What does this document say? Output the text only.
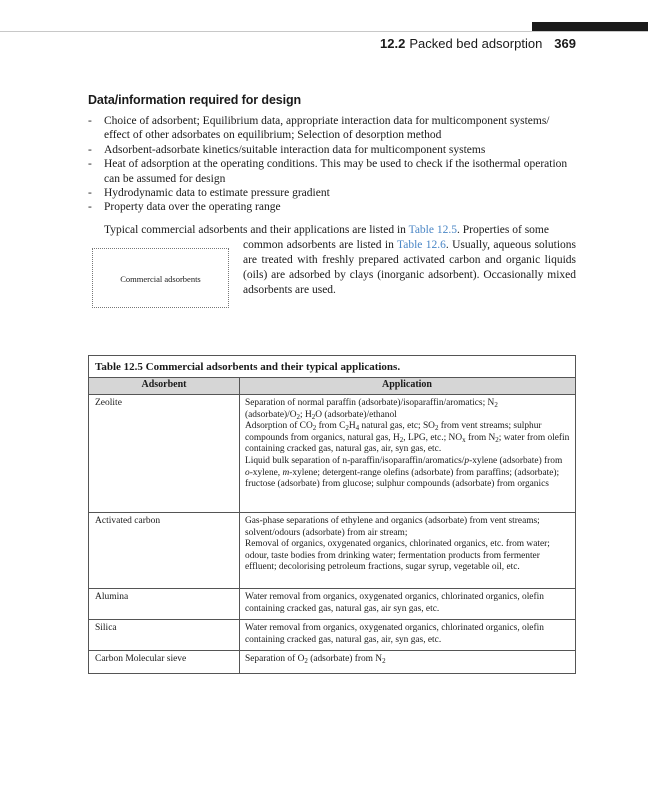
12.2 Packed bed adsorption 369
Data/information required for design
- Choice of adsorbent; Equilibrium data, appropriate interaction data for multicomponent systems/ effect of other adsorbates on equilibrium; Selection of desorption method
- Adsorbent-adsorbate kinetics/suitable interaction data for multicomponent systems
- Heat of adsorption at the operating conditions. This may be used to check if the isothermal operation can be assumed for design
- Hydrodynamic data to estimate pressure gradient
- Property data over the operating range
Typical commercial adsorbents and their applications are listed in Table 12.5. Properties of some
common adsorbents are listed in Table 12.6. Usually, aqueous solutions are treated with freshly prepared activated carbon and organic liquids (oils) are adsorbed by clays (inorganic adsorbent). Occasionally mixed adsorbents are used.
Commercial adsorbents
Table 12.5 Commercial adsorbents and their typical applications.
Adsorbent	Application
Zeolite	Separation of normal paraffin (adsorbate)/isoparaffin/aromatics; $N_2$
$(adsorbate)/O_2$; $H_2O$ (adsorbate)/ethanol

Adsorption of $CO_2$ from $C_2H_4$ natural gas, etc; $SO_2$ from vent streams; sulphur compounds from organics, natural gas, $H_2$, LPG, etc.; $NO_x$ from $N_2$; water from olefin containing cracked gas, natural gas, air, syn gas, etc.

Liquid bulk separation of n-paraffin/isoparaffin/aromatics/p-xylene (adsorbate) from o-xylene, m-xylene; detergent-range olefins (adsorbate) from paraffins; (adsorbate); fructose (adsorbate) from glucose; sulphur compounds (adsorbate) from organics

Activated carbon	Gas-phase separations of ethylene and organics (adsorbate) from vent streams; solvent/odours (adsorbate) from air stream;

Removal of organics, oxygenated organics, chlorinated organics, etc. from water; odour, taste bodies from drinking water; fermentation products from fermenter effluent; decolorising petroleum fractions, sugar syrup, vegetable oil, etc.

Alumina	Water removal from organics, oxygenated organics, chlorinated organics, olefin containing cracked gas, natural gas, air syn gas, etc.
Silica	Water removal from organics, oxygenated organics, chlorinated organics, olefin containing cracked gas, natural gas, air, syn gas, etc.
Carbon Molecular sieve	Separation of $O_2$ (adsorbate) from $N_2$
